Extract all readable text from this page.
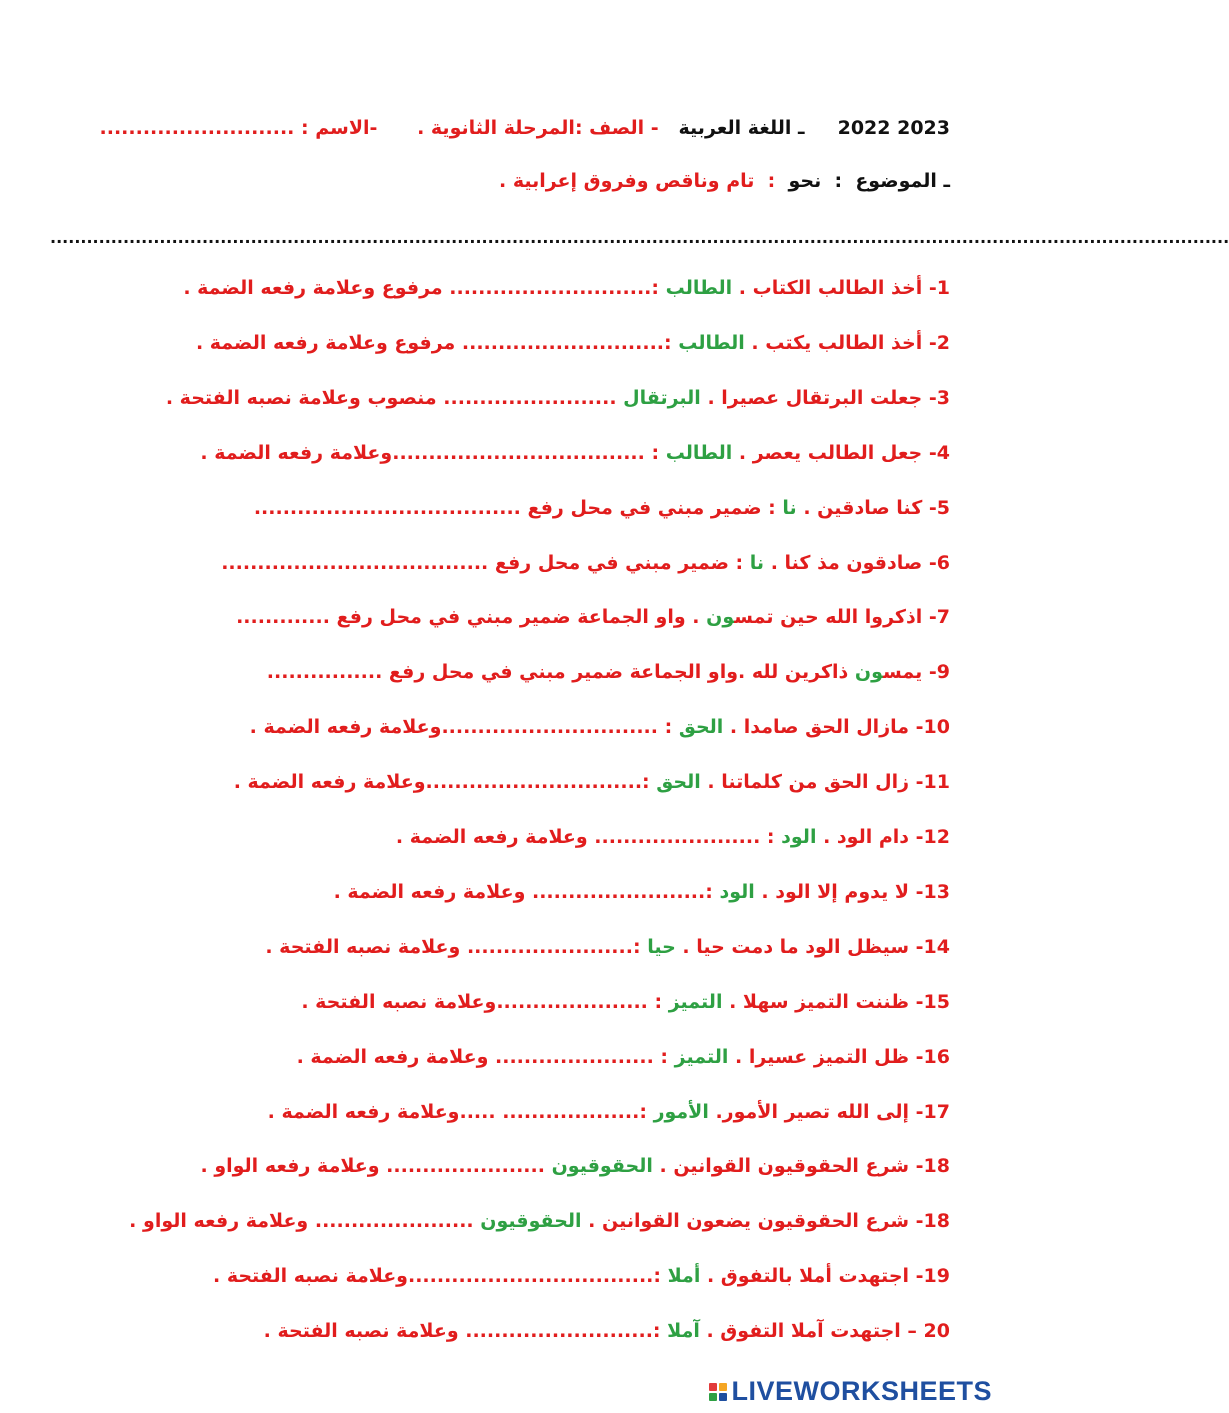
2022 2023     ـ اللغة العربية   - الصف :المرحلة الثانوية .      -الاسم : ...........................
ـ الموضوع  :  نحو  :  تام وناقص وفروق إعرابية .
..................................................................................................................................................................................................
1- أخذ الطالب الكتاب . الطالب :............................ مرفوع وعلامة رفعه الضمة .
2- أخذ الطالب يكتب . الطالب :............................ مرفوع وعلامة رفعه الضمة .
3- جعلت البرتقال عصيرا . البرتقال ........................ منصوب وعلامة نصبه الفتحة .
4- جعل الطالب يعصر . الطالب : ...................................وعلامة رفعه الضمة .
5- كنا صادقين . نا : ضمير مبني في محل رفع .....................................
6- صادقون مذ كنا . نا : ضمير مبني في محل رفع .....................................
7- اذكروا الله حين تمسون . واو الجماعة ضمير مبني في محل رفع .............
9- يمسون ذاكرين لله .واو الجماعة ضمير مبني في محل رفع ................
10- مازال الحق صامدا . الحق : ..............................وعلامة رفعه الضمة .
11- زال الحق من كلماتنا . الحق :..............................وعلامة رفعه الضمة .
12- دام الود . الود : ....................... وعلامة رفعه الضمة .
13- لا يدوم إلا الود . الود :........................ وعلامة رفعه الضمة .
14- سيظل الود ما دمت حيا . حيا :....................... وعلامة نصبه الفتحة .
15- ظننت التميز سهلا . التميز : .....................وعلامة نصبه الفتحة .
16- ظل التميز عسيرا . التميز : ...................... وعلامة رفعه الضمة .
17- إلى الله تصير الأمور. الأمور :................... .....وعلامة رفعه الضمة .
18- شرع الحقوقيون القوانين . الحقوقيون ...................... وعلامة رفعه الواو .
18- شرع الحقوقيون يضعون القوانين . الحقوقيون ...................... وعلامة رفعه الواو .
19- اجتهدت أملا بالتفوق . أملا :..................................وعلامة نصبه الفتحة .
20 – اجتهدت آملا التفوق . آملا :.......................... وعلامة نصبه الفتحة .
LIVEWORKSHEETS
